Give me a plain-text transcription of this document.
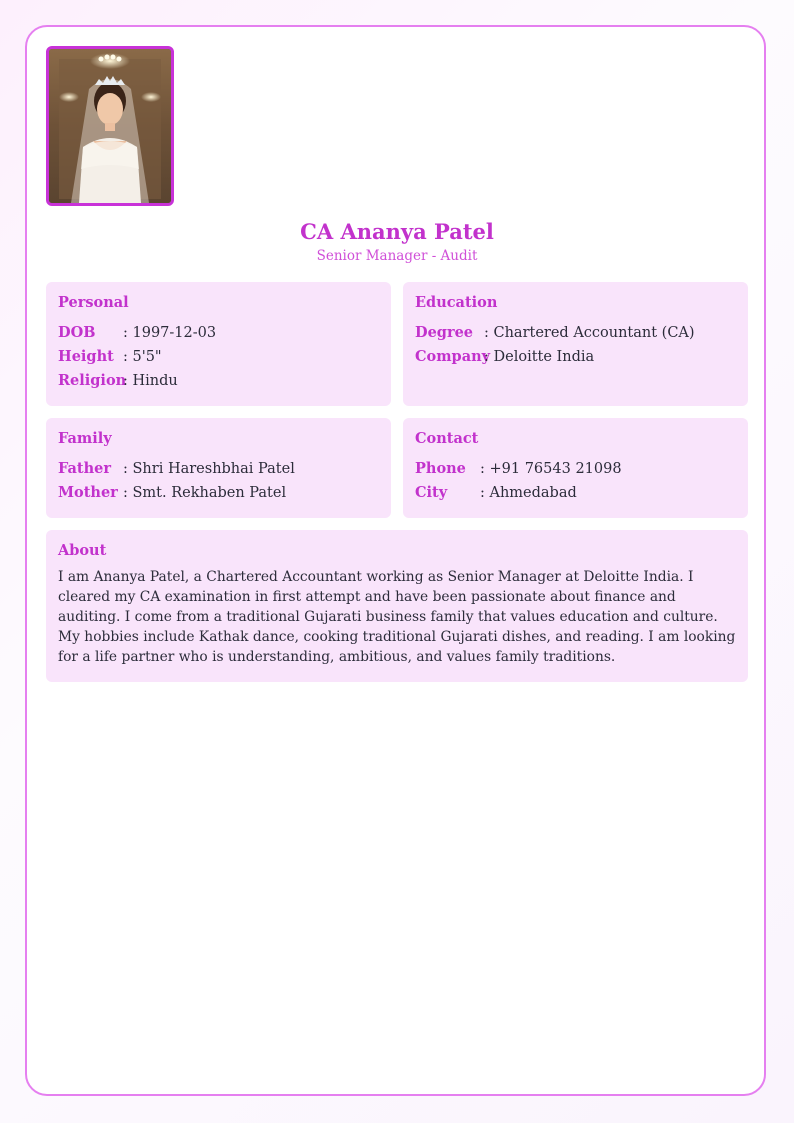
CA Ananya Patel
Senior Manager - Audit
Personal
DOB	: 1997-12-03
Height : 5'5"
Religion
: Hindu
Education
Degree : Chartered Accountant (CA)
Company
: Deloitte India
Family
Father : Shri Hareshbhai Patel
Mother : Smt. Rekhaben Patel
Contact
Phone : +91 76543 21098
City	: Ahmedabad
About
I am Ananya Patel, a Chartered Accountant working as Senior Manager at Deloitte India. I cleared my CA examination in first attempt and have been passionate about finance and auditing. I come from a traditional Gujarati business family that values education and culture. My hobbies include Kathak dance, cooking traditional Gujarati dishes, and reading. I am looking for a life partner who is understanding, ambitious, and values family traditions.
